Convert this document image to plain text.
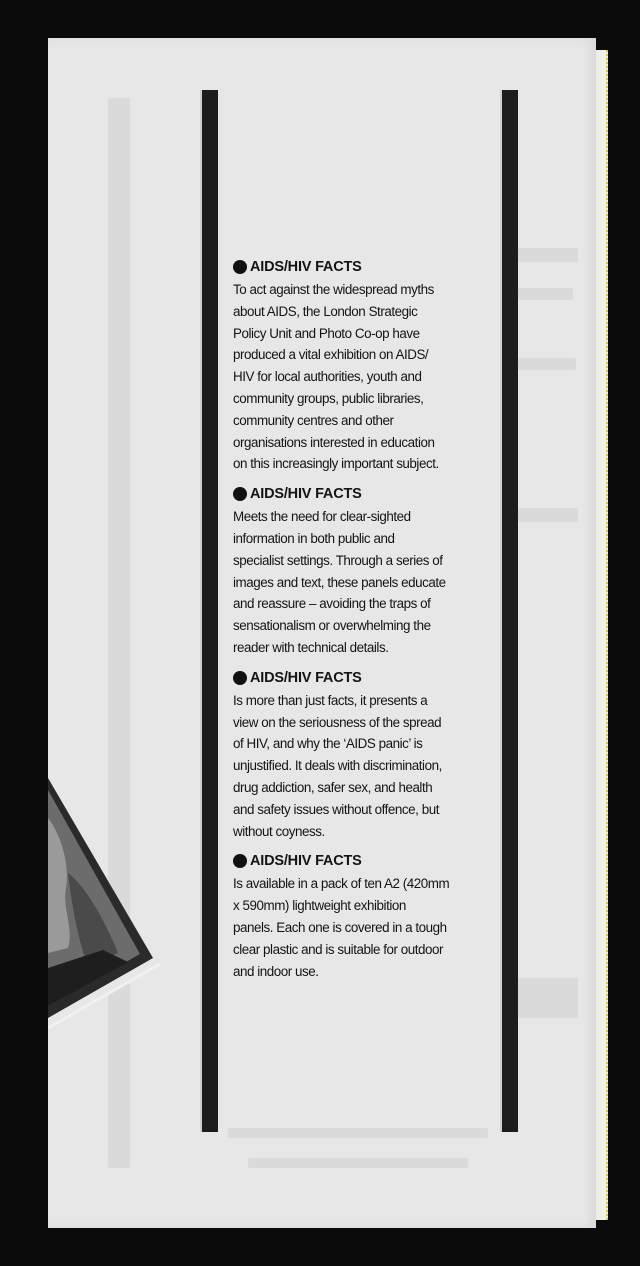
AIDS/HIV FACTS
To act against the widespread myths
about AIDS, the London Strategic
Policy Unit and Photo Co-op have
produced a vital exhibition on AIDS/
HIV for local authorities, youth and
community groups, public libraries,
community centres and other
organisations interested in education
on this increasingly important subject.
AIDS/HIV FACTS
Meets the need for clear-sighted
information in both public and
specialist settings. Through a series of
images and text, these panels educate
and reassure – avoiding the traps of
sensationalism or overwhelming the
reader with technical details.
AIDS/HIV FACTS
Is more than just facts, it presents a
view on the seriousness of the spread
of HIV, and why the ‘AIDS panic’ is
unjustified. It deals with discrimination,
drug addiction, safer sex, and health
and safety issues without offence, but
without coyness.
AIDS/HIV FACTS
Is available in a pack of ten A2 (420mm
x 590mm) lightweight exhibition
panels. Each one is covered in a tough
clear plastic and is suitable for outdoor
and indoor use.
